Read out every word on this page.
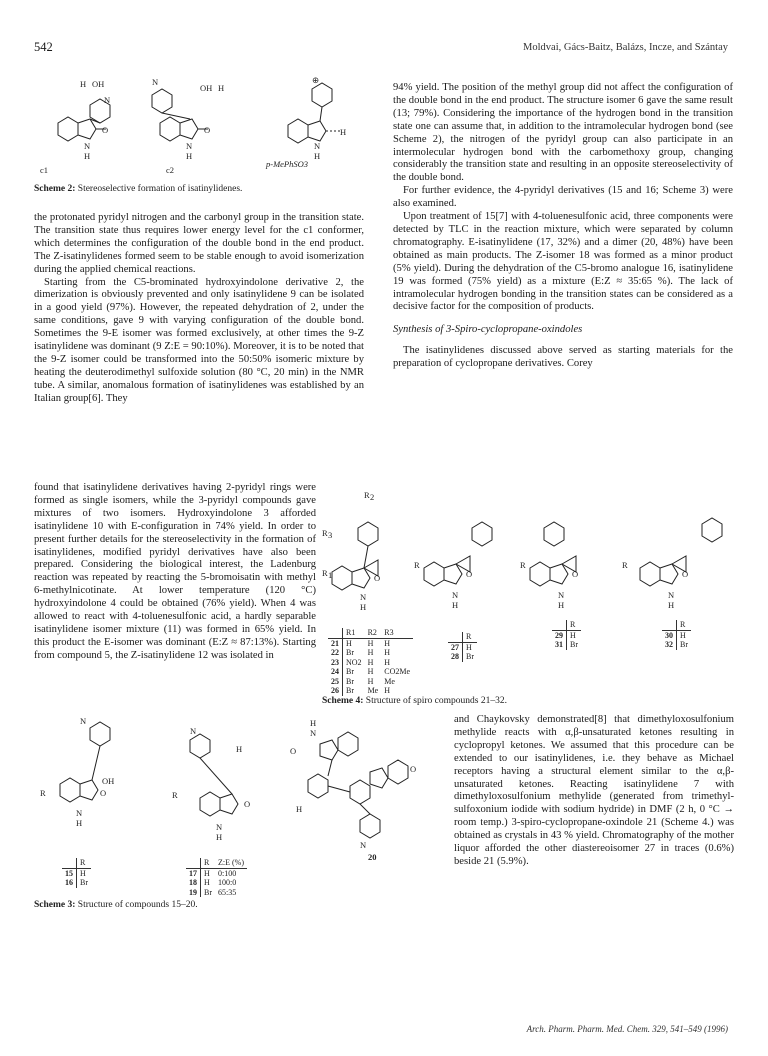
542	Moldvai, Gács-Baitz, Balázs, Incze, and Szántay
O	O
N
N
H OH	OH H
⊕
H
N
H
N
H
N
H
c1	c2
p-MePhSO3
Scheme 2: Stereoselective formation of isatinylidenes.

the protonated pyridyl nitrogen and the carbonyl group in the transition state. The transition state thus requires lower energy level for the c1 conformer, which determines the configuration of the double bond in the end product. The Z-isatinylidenes formed seem to be stable enough to avoid isomerization during the applied chemical reactions.

Starting from the C5-brominated hydroxyindolone derivative 2, the dimerization is obviously prevented and only isatinylidene 9 can be isolated in a good yield (97%). However, the repeated dehydration of 2, under the same conditions, gave 9 with varying configuration of the double bond. Sometimes the 9-E isomer was formed exclusively, at other times the 9-Z isatinylidene was dominant (9 Z:E = 90:10%). Moreover, it is to be noted that the 9-Z isomer could be transformed into the 50:50% isomeric mixture by heating the deuterodimethyl sulfoxide solution (80 °C, 20 min) in the NMR tube. A similar, anomalous formation of isatinylidenes was established by an Italian group[6]. They

found that isatinylidene derivatives having 2-pyridyl rings were formed as single isomers, while the 3-pyridyl compounds gave mixtures of two isomers. Hydroxyindolone 3 afforded isatinylidene 10 with E-configuration in 74% yield. In order to present further details for the stereoselectivity in the formation of isatinylidenes, modified pyridyl derivatives have also been prepared. Considering the biological interest, the Ladenburg reaction was repeated by reacting the 5-bromoisatin with methyl 6-methylnicotinate. At lower temperature (120 °C) hydroxyindolone 4 could be obtained (76% yield). When 4 was allowed to react with 4-toluenesulfonic acid, a hardly separable isatinylidene isomer mixture (11) was formed in 65% yield. In this product the E-isomer was dominant (E:Z ≈ 87:13%). Starting from compound 5, the Z-isatinylidene 12 was isolated in

94% yield. The position of the methyl group did not affect the configuration of the double bond in the end product. The structure isomer 6 gave the same result (13; 79%). Considering the importance of the hydrogen bond in the transition state one can assume that, in addition to the intramolecular hydrogen bond (see Scheme 2), the nitrogen of the pyridyl group can also participate in an intermolecular hydrogen bond with the carbomethoxy group, changing considerably the transition state and resulting in an opposite stereoselectivity of the double bond.

For further evidence, the 4-pyridyl derivatives (15 and 16; Scheme 3) were also examined.

Upon treatment of 15[7] with 4-toluenesulfonic acid, three components were detected by TLC in the reaction mixture, which were separated by column chromatography. E-isatinylidene (17, 32%) and a dimer (20, 48%) have been obtained as main products. The Z-isomer 18 was formed as a minor product (5% yield). During the dehydration of the C5-bromo analogue 16, isatinylidene 19 was formed (75% yield) as a mixture (E:Z ≈ 35:65 %). The lack of intramolecular hydrogen bonding in the transition states can be considered as a decisive factor for the composition of products.

Synthesis of 3-Spiro-cyclopropane-oxindoles

The isatinylidenes discussed above served as starting materials for the preparation of cyclopropane derivatives. Corey

O	O	O	O
R 2
R 3
R 1
R	R	R
N
H
N
H
N
H
N
H
	R1	R2	R3
21	H	H	H
22	Br	H	H
23	NO2	H	H
24	Br	H	CO2Me
25	Br	H	Me
26	Br	Me	H
	R
27	H
28	Br
	R
29	H
31	Br
	R
30	H
32	Br
Scheme 4: Structure of spiro compounds 21–32.
H
N
O
H
N
O
20
R
OH
O
N
H
R
O
H
N
H
N
N
	R
15	H
16	Br
	R	Z:E (%)
17	H	0:100
18	H	100:0
19	Br	65:35
Scheme 3: Structure of compounds 15–20.
and Chaykovsky demonstrated[8] that dimethyloxosulfonium methylide reacts with α,β-unsaturated ketones resulting in cyclopropyl ketones. We assumed that this procedure can be extended to our isatinylidenes, i.e. they behave as Michael receptors having a structural element similar to the α,β-unsaturated ketones. Reacting isatinylidene 7 with dimethyloxosulfonium methylide (generated from trimethyl-sulfoxonium iodide with sodium hydride) in DMF (2 h, 0 °C → room temp.) 3-spiro-cyclopropane-oxindole 21 (Scheme 4.) was obtained as crystals in 43 % yield. Chromatography of the mother liquor afforded the other diastereoisomer 27 in traces (0.6%) beside 21 (5.9%).
Arch. Pharm. Pharm. Med. Chem. 329, 541–549 (1996)
